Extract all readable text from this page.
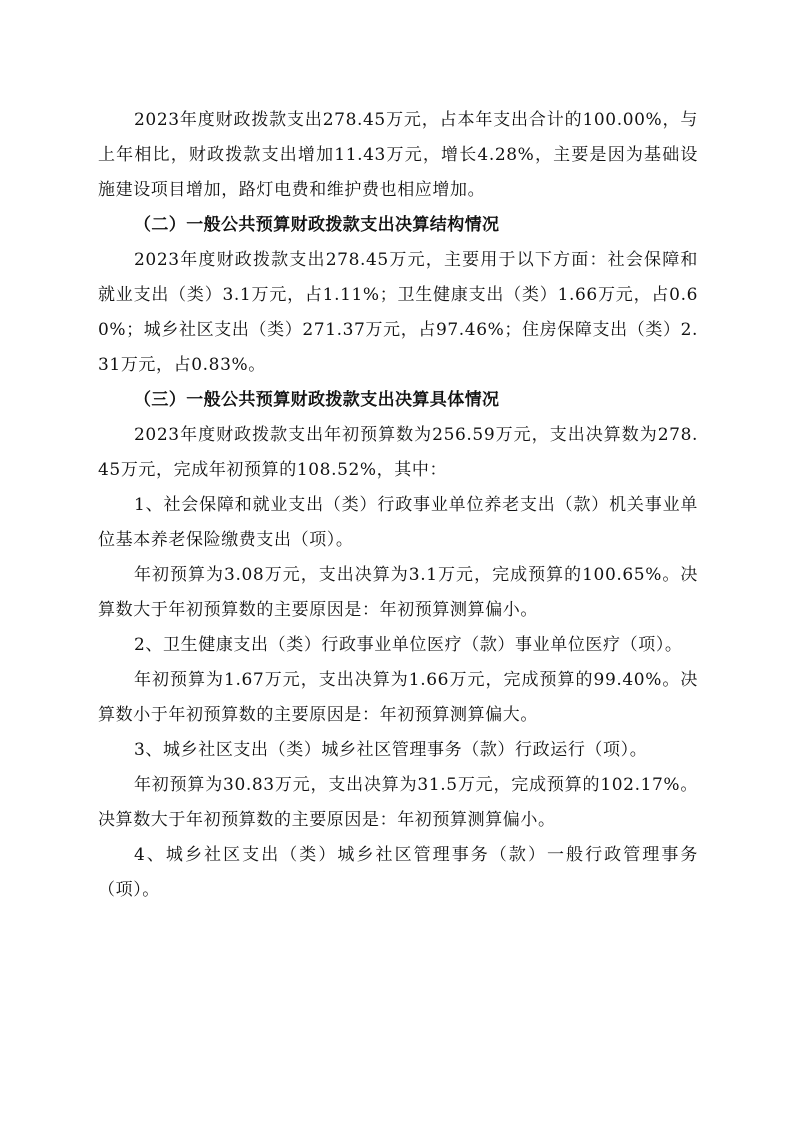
2023年度财政拨款支出278.45万元，占本年支出合计的100.00%，与上年相比，财政拨款支出增加11.43万元，增长4.28%，主要是因为基础设施建设项目增加，路灯电费和维护费也相应增加。

（二）一般公共预算财政拨款支出决算结构情况

2023年度财政拨款支出278.45万元，主要用于以下方面：社会保障和就业支出（类）3.1万元，占1.11%；卫生健康支出（类）1.66万元，占0.60%；城乡社区支出（类）271.37万元，占97.46%；住房保障支出（类）2.31万元，占0.83%。

（三）一般公共预算财政拨款支出决算具体情况

2023年度财政拨款支出年初预算数为256.59万元，支出决算数为278.45万元，完成年初预算的108.52%，其中：

1、社会保障和就业支出（类）行政事业单位养老支出（款）机关事业单位基本养老保险缴费支出（项）。

年初预算为3.08万元，支出决算为3.1万元，完成预算的100.65%。决算数大于年初预算数的主要原因是：年初预算测算偏小。

2、卫生健康支出（类）行政事业单位医疗（款）事业单位医疗（项）。

年初预算为1.67万元，支出决算为1.66万元，完成预算的99.40%。决算数小于年初预算数的主要原因是：年初预算测算偏大。

3、城乡社区支出（类）城乡社区管理事务（款）行政运行（项）。

年初预算为30.83万元，支出决算为31.5万元，完成预算的102.17%。决算数大于年初预算数的主要原因是：年初预算测算偏小。

4、城乡社区支出（类）城乡社区管理事务（款）一般行政管理事务（项）。
